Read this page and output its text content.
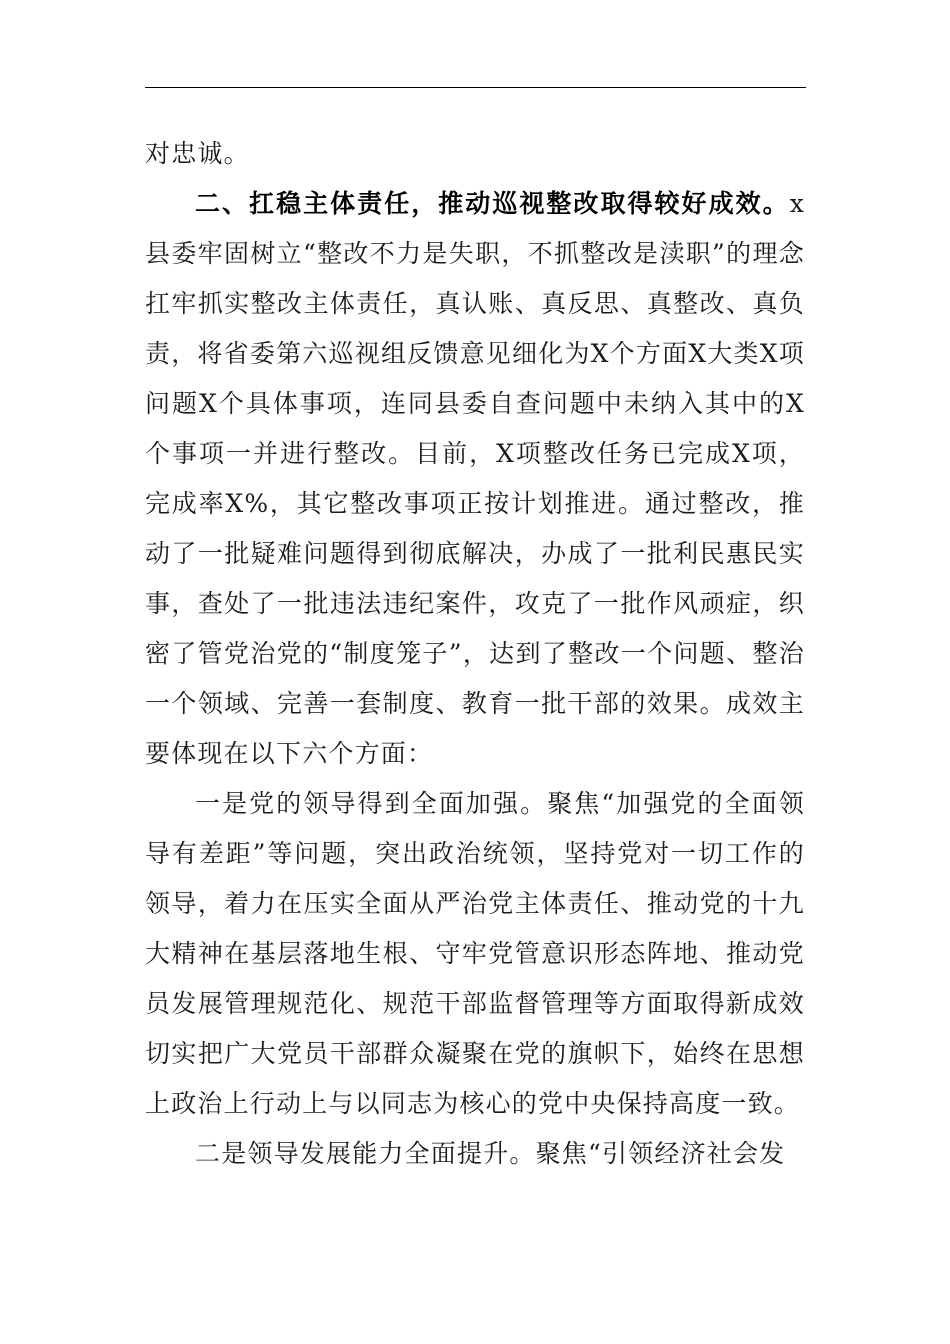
对忠诚。

二、扛稳主体责任，推动巡视整改取得较好成效。x县委牢固树立“整改不力是失职，不抓整改是渎职”的理念扛牢抓实整改主体责任，真认账、真反思、真整改、真负责，将省委第六巡视组反馈意见细化为X个方面X大类X项问题X个具体事项，连同县委自查问题中未纳入其中的X个事项一并进行整改。目前，X项整改任务已完成X项，完成率X%，其它整改事项正按计划推进。通过整改，推动了一批疑难问题得到彻底解决，办成了一批利民惠民实事，查处了一批违法违纪案件，攻克了一批作风顽症，织密了管党治党的“制度笼子”，达到了整改一个问题、整治一个领域、完善一套制度、教育一批干部的效果。成效主要体现在以下六个方面：

一是党的领导得到全面加强。聚焦“加强党的全面领导有差距”等问题，突出政治统领，坚持党对一切工作的领导，着力在压实全面从严治党主体责任、推动党的十九大精神在基层落地生根、守牢党管意识形态阵地、推动党员发展管理规范化、规范干部监督管理等方面取得新成效切实把广大党员干部群众凝聚在党的旗帜下，始终在思想上政治上行动上与以同志为核心的党中央保持高度一致。

二是领导发展能力全面提升。聚焦“引领经济社会发
